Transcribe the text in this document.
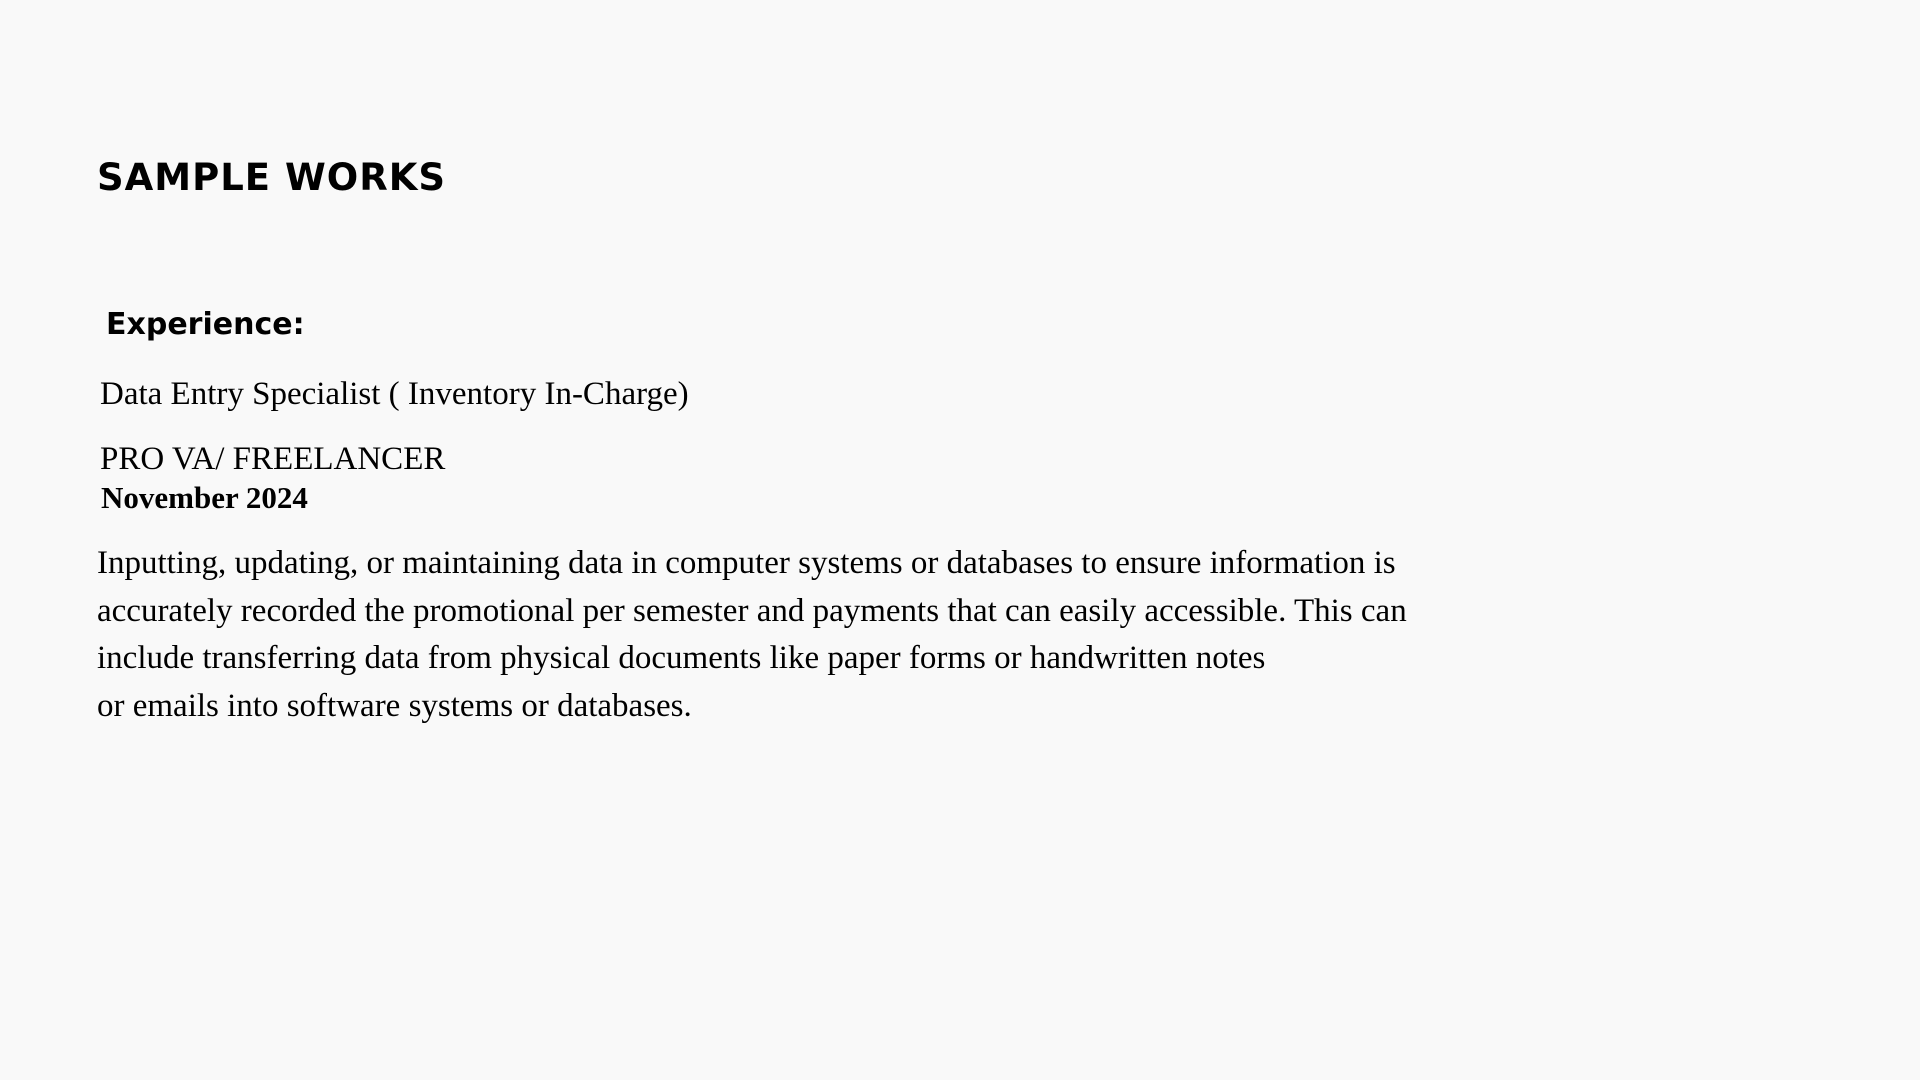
SAMPLE WORKS
Experience:

Data Entry Specialist ( Inventory In-Charge)

PRO VA/ FREELANCER

November 2024

Inputting, updating, or maintaining data in computer systems or databases to ensure information is
accurately recorded the promotional per semester and payments that can easily accessible. This can
include transferring data from physical documents like paper forms or handwritten notes
or emails into software systems or databases.
